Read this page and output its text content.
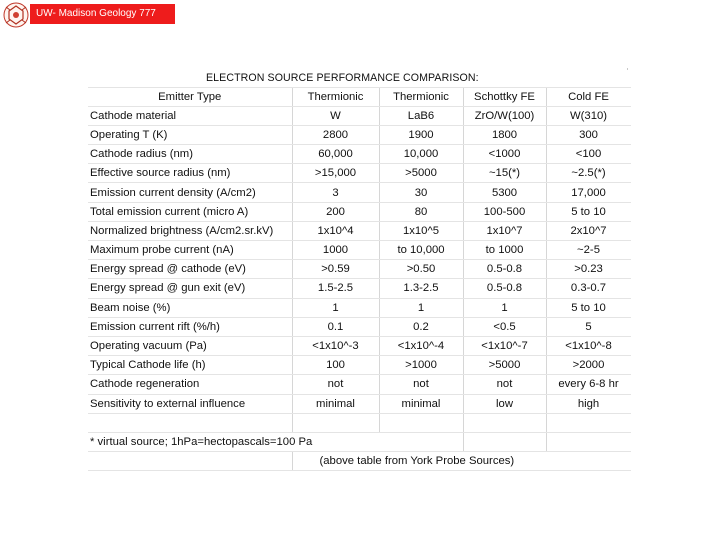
UW- Madison Geology 777
ELECTRON SOURCE PERFORMANCE COMPARISON:				
Emitter Type	Thermionic	Thermionic	Schottky FE	Cold FE
Cathode material	W	LaB6	ZrO/W(100)	W(310)
Operating T (K)	2800	1900	1800	300
Cathode radius (nm)	60,000	10,000	<1000	<100
Effective source radius (nm)	>15,000	>5000	~15(*)	~2.5(*)
Emission current density (A/cm2)	3	30	5300	17,000
Total emission current (micro A)	200	80	100-500	5 to 10
Normalized brightness (A/cm2.sr.kV)	1x10^4	1x10^5	1x10^7	2x10^7
Maximum probe current (nA)	1000	to 10,000	to 1000	~2-5
Energy spread @ cathode (eV)	>0.59	>0.50	0.5-0.8	>0.23
Energy spread @ gun exit (eV)	1.5-2.5	1.3-2.5	0.5-0.8	0.3-0.7
Beam noise (%)	1	1	1	5 to 10
Emission current rift (%/h)	0.1	0.2	<0.5	5
Operating vacuum (Pa)	<1x10^-3	<1x10^-4	<1x10^-7	<1x10^-8
Typical Cathode life (h)	100	>1000	>5000	>2000
Cathode regeneration	not	not	not	every 6-8 hr
Sensitivity to external influence	minimal	minimal	low	high

* virtual source; 1hPa=hectopascals=100 Pa				
	(above table from York Probe Sources)			
